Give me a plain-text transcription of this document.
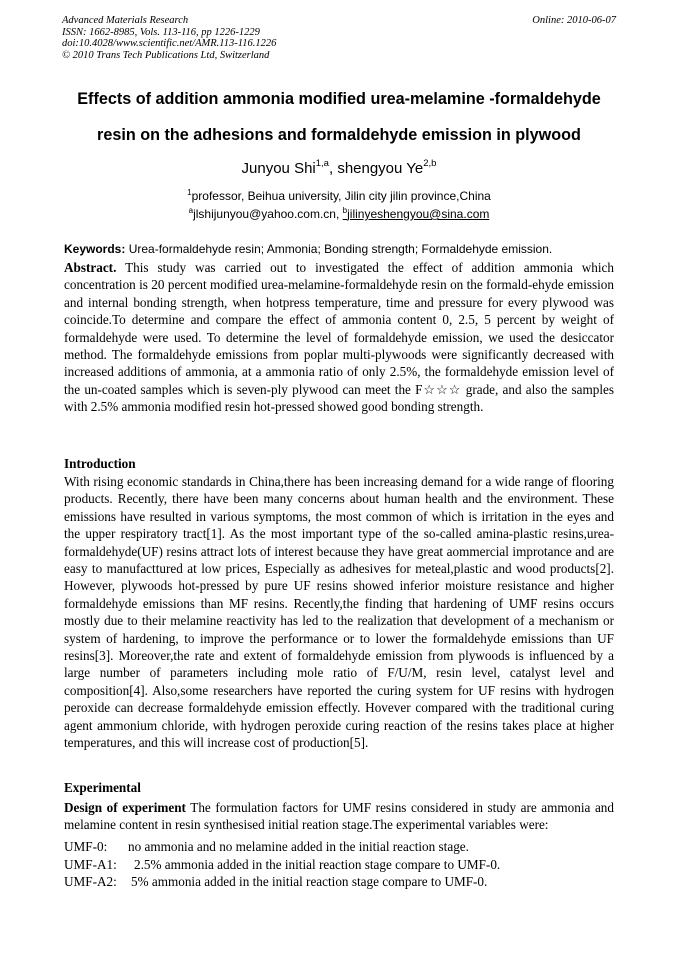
Advanced Materials Research
ISSN: 1662-8985, Vols. 113-116, pp 1226-1229
doi:10.4028/www.scientific.net/AMR.113-116.1226
© 2010 Trans Tech Publications Ltd, Switzerland
Online: 2010-06-07
Effects of addition ammonia modified urea-melamine -formaldehyde
resin on the adhesions and formaldehyde emission in plywood
Junyou Shi$^{1,a}$, shengyou Ye$^{2,b}$
$^1$professor, Beihua university, Jilin city jilin province,China
$^a$jlshijunyou@yahoo.com.cn, $^b$jilinyeshengyou@sina.com
Keywords: Urea-formaldehyde resin; Ammonia; Bonding strength; Formaldehyde emission.
Abstract. This study was carried out to investigated the effect of addition ammonia which concentration is 20 percent modified urea-melamine-formaldehyde resin on the formald-ehyde emission and internal bonding strength, when hotpress temperature, time and pressure for every plywood was coincide.To determine and compare the effect of ammonia content 0, 2.5, 5 percent by weight of formaldehyde were used. To determine the level of formaldehyde emission, we used the desiccator method. The formaldehyde emissions from poplar multi-plywoods were significantly decreased with increased additions of ammonia, at a ammonia ratio of only 2.5%, the formaldehyde emission level of the un-coated samples which is seven-ply plywood can meet the F☆☆☆ grade, and also the samples with 2.5% ammonia modified resin hot-pressed showed good bonding strength.
Introduction
With rising economic standards in China,there has been increasing demand for a wide range of flooring products. Recently, there have been many concerns about human health and the environment. These emissions have resulted in various symptoms, the most common of which is irritation in the eyes and the upper respiratory tract[1]. As the most important type of the so-called amina-plastic resins,urea-formaldehyde(UF) resins attract lots of interest because they have great aommercial improtance and are easy to manufacttured at low prices, Especially as adhesives for meteal,plastic and wood products[2]. However, plywoods hot-pressed by pure UF resins showed inferior moisture resistance and higher formaldehyde emissions than MF resins. Recently,the finding that hardening of UMF resins occurs mostly due to their melamine reactivity has led to the realization that development of a mechanism or system of hardening, to improve the performance or to lower the formaldehyde emissions than UF resins[3]. Moreover,the rate and extent of formaldehyde emission from plywoods is influenced by a large number of parameters including mole ratio of F/U/M, resin level, catalyst level and composition[4]. Also,some researchers have reported the curing system for UF resins with hydrogen peroxide can decrease formaldehyde emission effectly. Hovever compared with the traditional curing agent ammonium chloride, with hydrogen peroxide curing reaction of the resins takes place at higher temperatures, and this will increase cost of production[5].
Experimental
Design of experiment The formulation factors for UMF resins considered in study are ammonia and melamine content in resin synthesised initial reation stage.The experimental variables were:
UMF-0: no ammonia and no melamine added in the initial reaction stage.
UMF-A1: 2.5% ammonia added in the initial reaction stage compare to UMF-0.
UMF-A2: 5% ammonia added in the initial reaction stage compare to UMF-0.
